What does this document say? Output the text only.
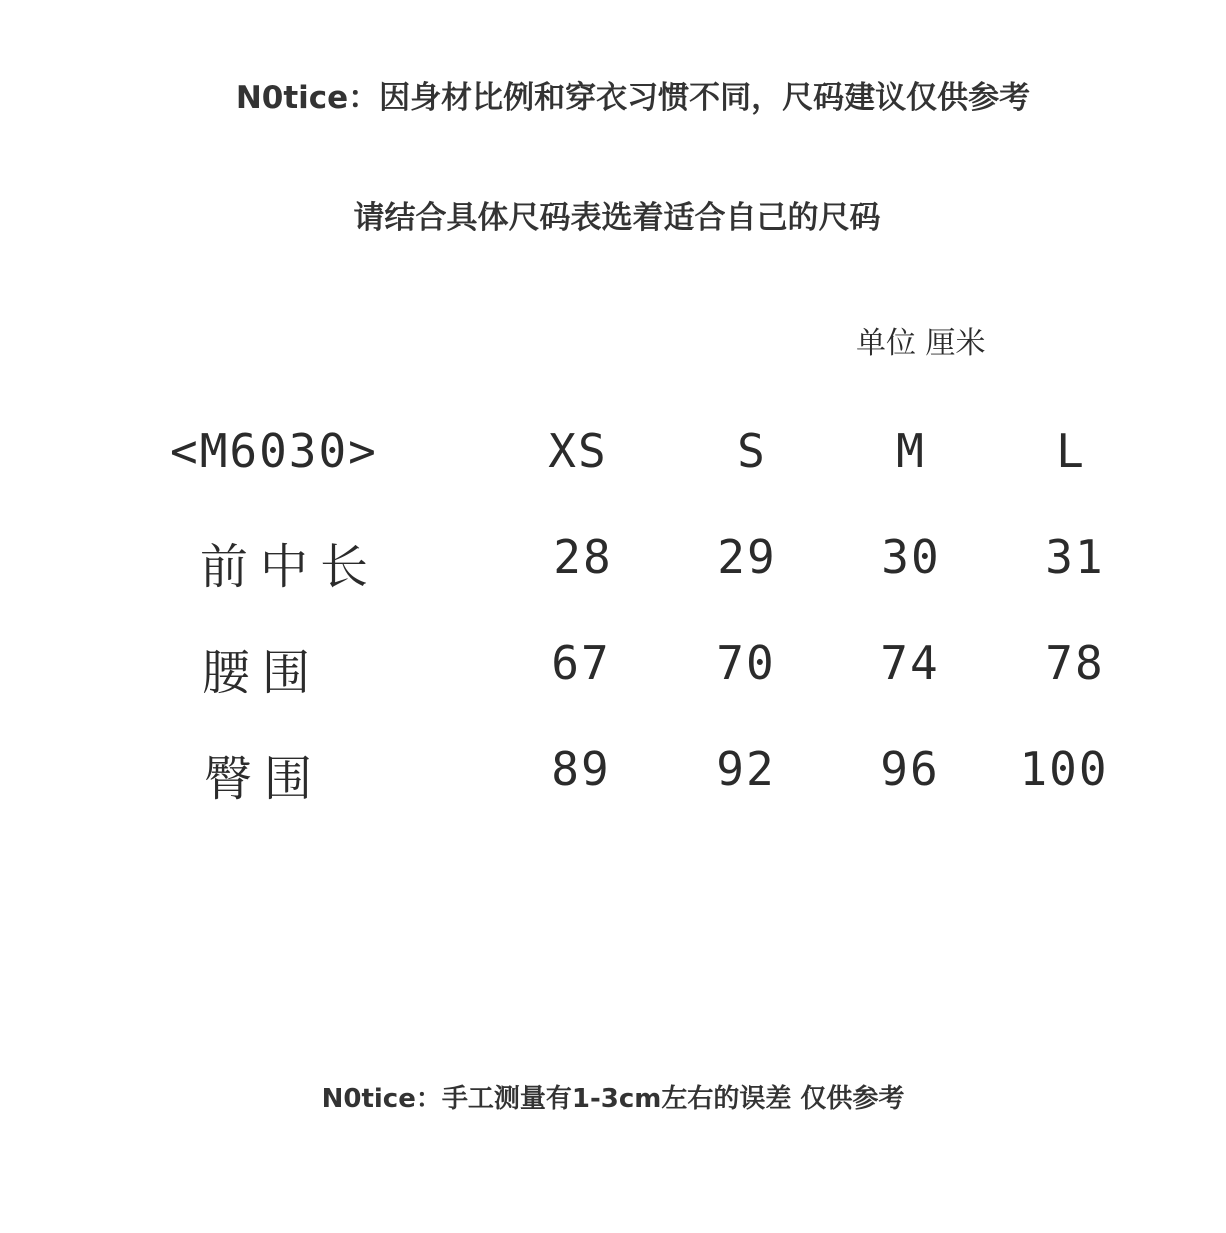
N0tice：因身材比例和穿衣习惯不同，尺码建议仅供参考
请结合具体尺码表选着适合自己的尺码
单位 厘米
<M6030>	XS	S	M	L
前中长	28	29	30	31
腰围	67	70	74	78
臀围	89	92	96	100
N0tice：手工测量有1-3cm左右的误差 仅供参考
